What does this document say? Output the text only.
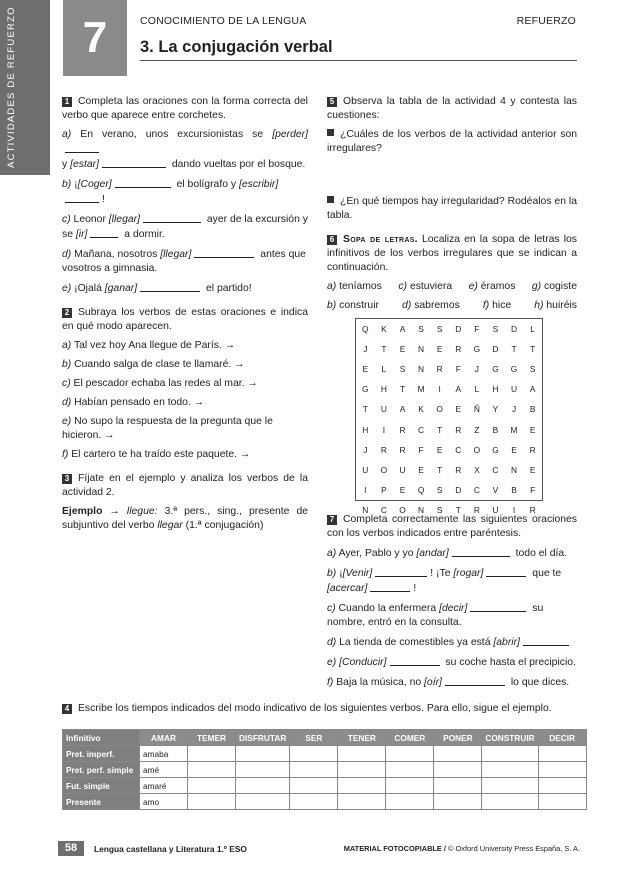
ACTIVIDADES DE REFUERZO	7	CONOCIMIENTO DE LA LENGUA	REFUERZO
3. La conjugación verbal

1 Completa las oraciones con la forma correcta del verbo que aparece entre corchetes.

a) En verano, unos excursionistas se [perder]
y [estar]	dando vueltas por el bosque.

b) ¡[Coger]	el bolígrafo y [escribir]!

c) Leonor [llegar]	ayer de la excursión y se [ir]	a dormir.

d) Mañana, nosotros [llegar]	antes que vosotros a gimnasia.

e) ¡Ojalá [ganar]	el partido!

2 Subraya los verbos de estas oraciones e indica en qué modo aparecen.

a) Tal vez hoy Ana llegue de París. →

b) Cuando salga de clase te llamaré. →

c) El pescador echaba las redes al mar. →

d) Habían pensado en todo. →

e) No supo la respuesta de la pregunta que le hicieron. →

f) El cartero te ha traído este paquete. →

3 Fíjate en el ejemplo y analiza los verbos de la actividad 2.

Ejemplo → llegue: 3.ª pers., sing., presente de subjuntivo del verbo llegar (1.ª conjugación)

5 Observa la tabla de la actividad 4 y contesta las cuestiones:

¿Cuáles de los verbos de la actividad anterior son irregulares?

¿En qué tiempos hay irregularidad? Rodéalos en la tabla.

6 Sopa de letras. Localiza en la sopa de letras los infinitivos de los verbos irregulares que se indican a continuación.

a) teníamos c) estuviera e) éramos g) cogiste
b) construir d) sabremos f) hice h) huiréis

7 Completa correctamente las siguientes oraciones con los verbos indicados entre paréntesis.

a) Ayer, Pablo y yo [andar]	todo el día.

b) ¡[Venir]	! ¡Te [rogar]	que te
[acercar]	!

c) Cuando la enfermera [decir]	su nombre, entró en la consulta.

d) La tienda de comestibles ya está [abrir]

e) [Conducir]	su coche hasta el precipicio.

f) Baja la música, no [oír]	lo que dices.

Q	K	A	S	S	D	F	S	D	L
J	T	E	N	E	R	G	D	T	T
E	L	S	N	R	F	J	G	G	S
G	H	T	M	I	A	L	H	U	A
T	U	A	K	O	E	Ñ	Y	J	B
H	I	R	C	T	R	Z	B	M	E
J	R	R	F	E	C	O	G	E	R
U	O	U	E	T	R	X	C	N	E
I	P	E	Q	S	D	C	V	B	F
N	C	O	N	S	T	R	U	I	R

4 Escribe los tiempos indicados del modo indicativo de los siguientes verbos. Para ello, sigue el ejemplo.

Infinitivo	AMAR	TEMER	DISFRUTAR	SER	TENER	COMER	PONER	CONSTRUIR	DECIR
Pret. imperf.	amaba								
Pret. perf. simple	amé								
Fut. simple	amaré								
Presente	amo								
58	Lengua castellana y Literatura 1.º ESO	MATERIAL FOTOCOPIABLE / © Oxford University Press España, S. A.
